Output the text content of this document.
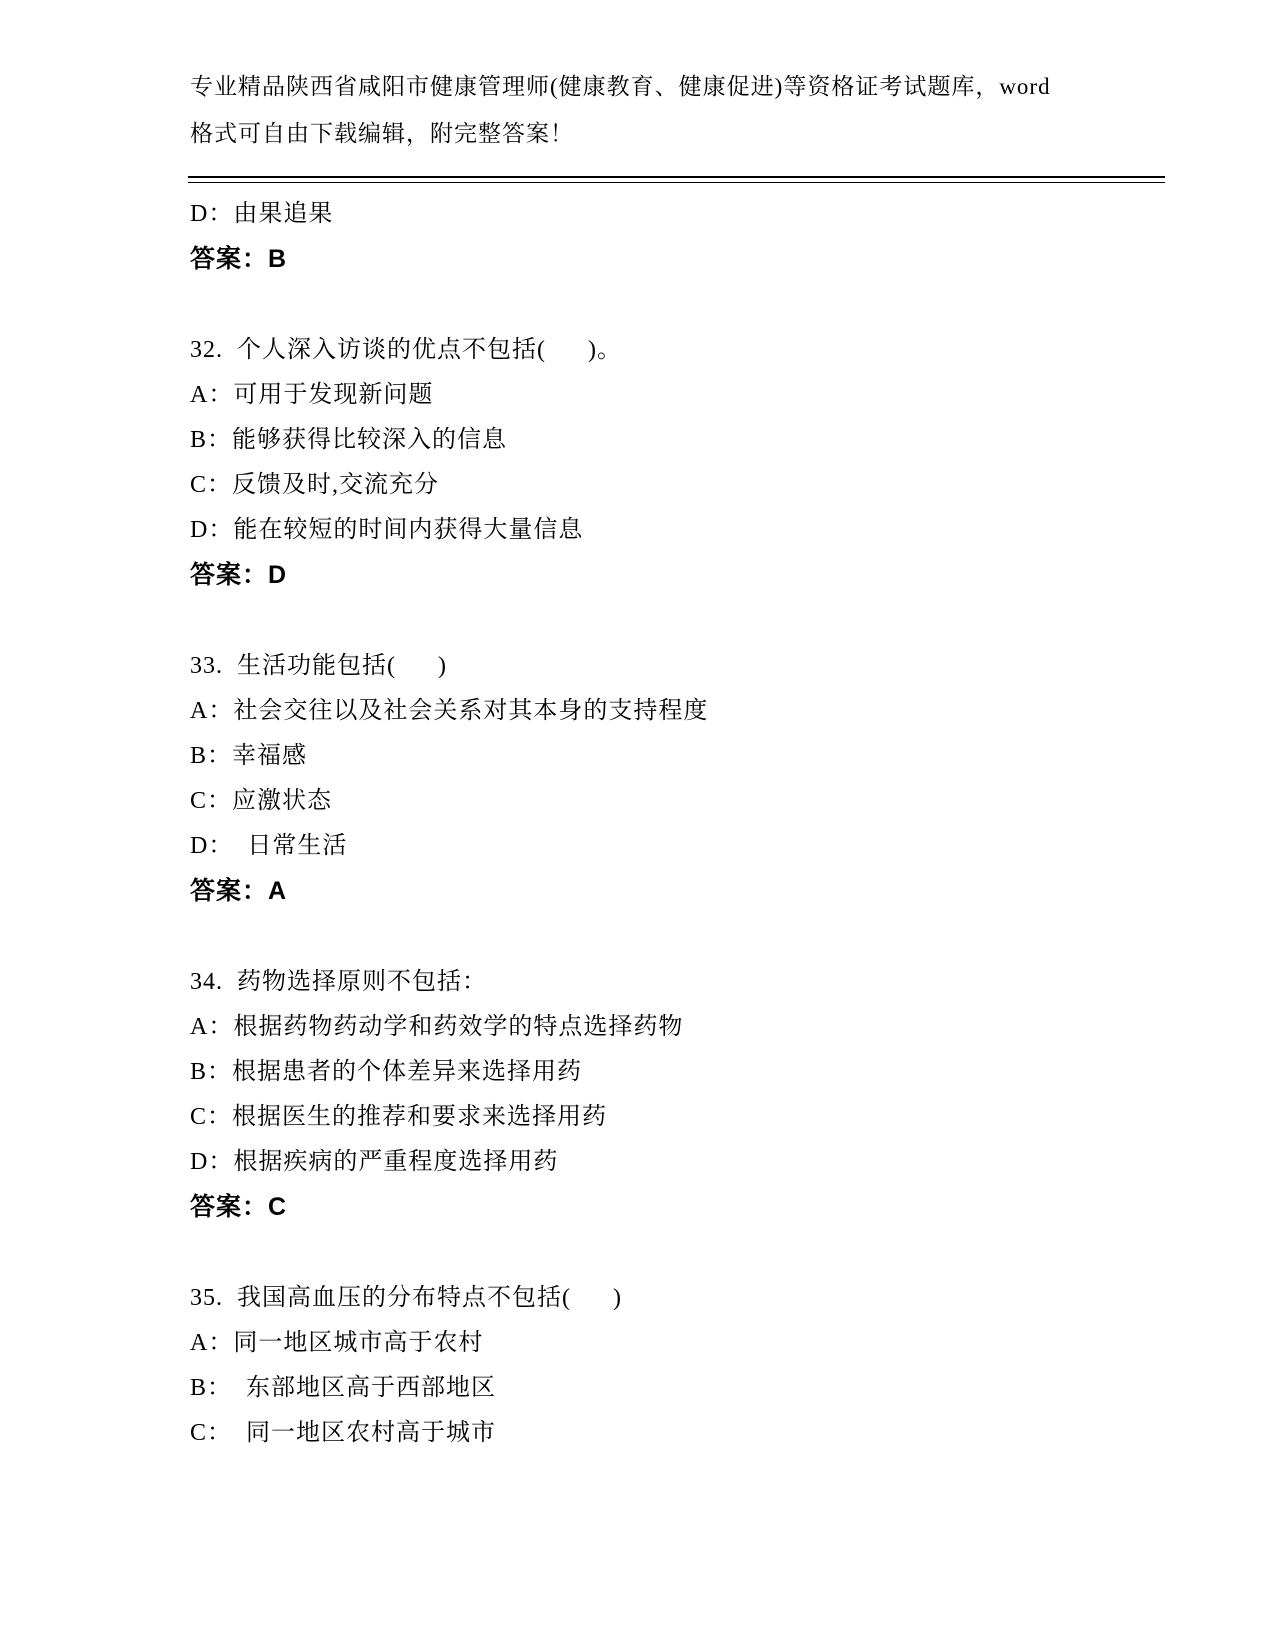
专业精品陕西省咸阳市健康管理师(健康教育、健康促进)等资格证考试题库，word

格式可自由下载编辑，附完整答案！

D：由果追果

答案：B

32.  个人深入访谈的优点不包括(      )。

A：可用于发现新问题

B：能够获得比较深入的信息

C：反馈及时,交流充分

D：能在较短的时间内获得大量信息

答案：D

33.  生活功能包括(      )

A：社会交往以及社会关系对其本身的支持程度

B：幸福感

C：应激状态

D：  日常生活

答案：A

34.  药物选择原则不包括：

A：根据药物药动学和药效学的特点选择药物

B：根据患者的个体差异来选择用药

C：根据医生的推荐和要求来选择用药

D：根据疾病的严重程度选择用药

答案：C

35.  我国高血压的分布特点不包括(      )

A：同一地区城市高于农村

B：  东部地区高于西部地区

C：  同一地区农村高于城市
